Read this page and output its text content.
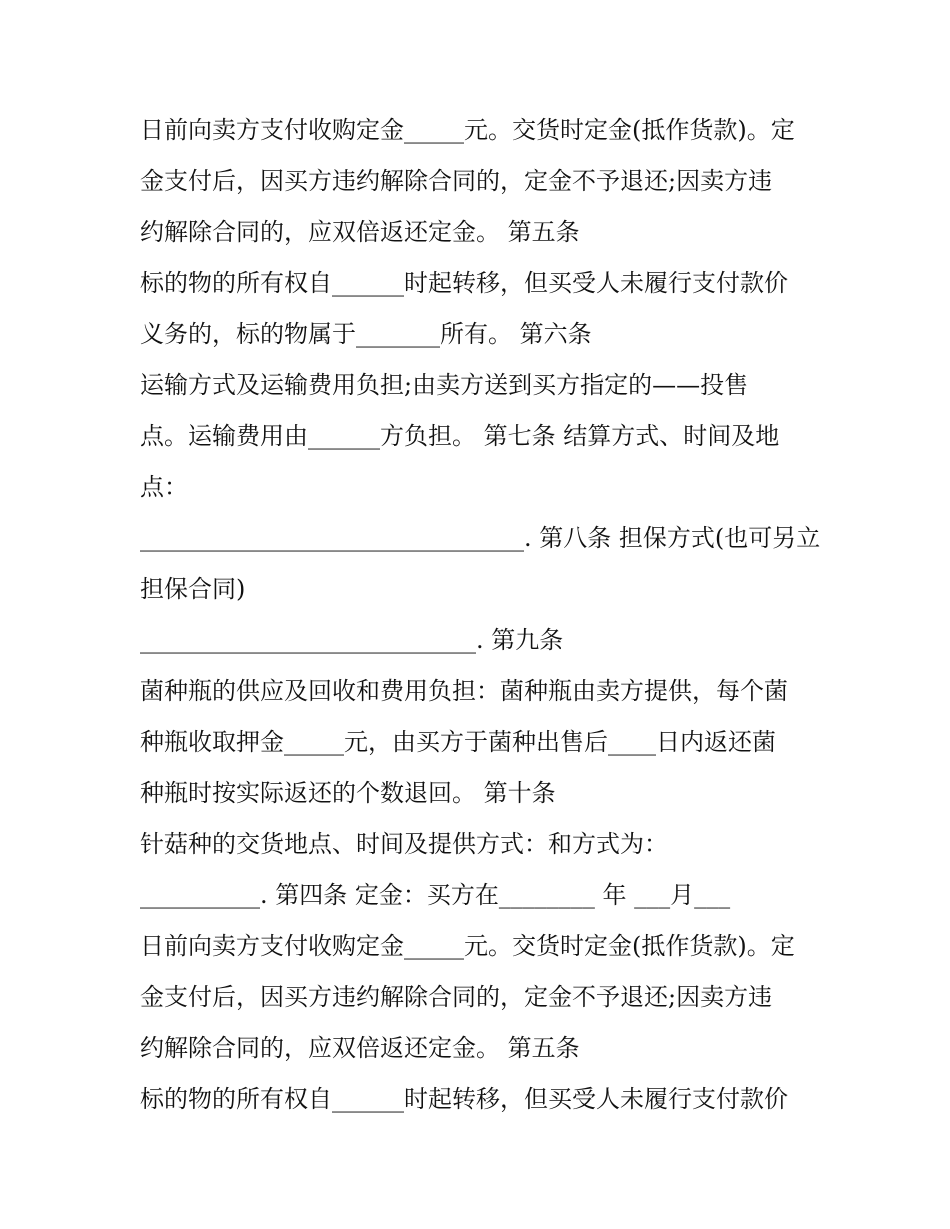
日前向卖方支付收购定金_____元。交货时定金(抵作货款)。定
金支付后，因买方违约解除合同的，定金不予退还;因卖方违
约解除合同的，应双倍返还定金。 第五条
标的物的所有权自______时起转移，但买受人未履行支付款价
义务的，标的物属于_______所有。 第六条
运输方式及运输费用负担;由卖方送到买方指定的——投售
点。运输费用由______方负担。 第七条 结算方式、时间及地
点：
________________________________. 第八条 担保方式(也可另立
担保合同)
____________________________. 第九条
菌种瓶的供应及回收和费用负担：菌种瓶由卖方提供，每个菌
种瓶收取押金_____元，由买方于菌种出售后____日内返还菌
种瓶时按实际返还的个数退回。 第十条
针菇种的交货地点、时间及提供方式：和方式为：
__________. 第四条 定金：买方在________ 年 ___月___
日前向卖方支付收购定金_____元。交货时定金(抵作货款)。定
金支付后，因买方违约解除合同的，定金不予退还;因卖方违
约解除合同的，应双倍返还定金。 第五条
标的物的所有权自______时起转移，但买受人未履行支付款价
